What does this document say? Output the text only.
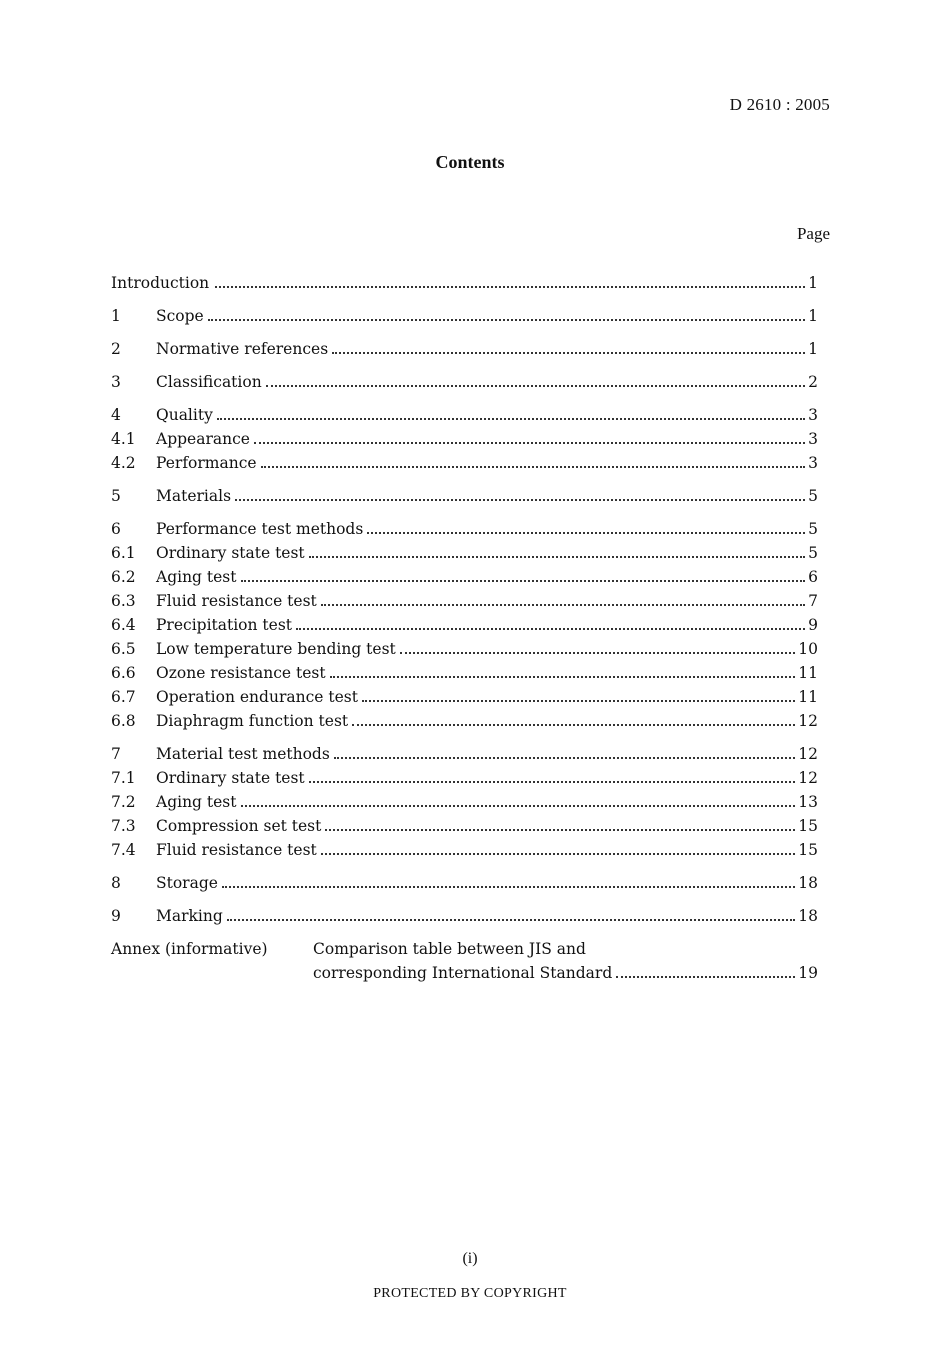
D 2610 : 2005
Contents
Page
Introduction	1
1	Scope	1
2	Normative references	1
3	Classification	2
4	Quality	3
4.1	Appearance	3
4.2	Performance	3
5	Materials	5
6	Performance test methods	5
6.1	Ordinary state test	5
6.2	Aging test	6
6.3	Fluid resistance test	7
6.4	Precipitation test	9
6.5	Low temperature bending test	10
6.6	Ozone resistance test	11
6.7	Operation endurance test	11
6.8	Diaphragm function test	12
7	Material test methods	12
7.1	Ordinary state test	12
7.2	Aging test	13
7.3	Compression set test	15
7.4	Fluid resistance test	15
8	Storage	18
9	Marking	18
Annex (informative)	Comparison table between JIS and
corresponding International Standard	19
(i)
PROTECTED BY COPYRIGHT
